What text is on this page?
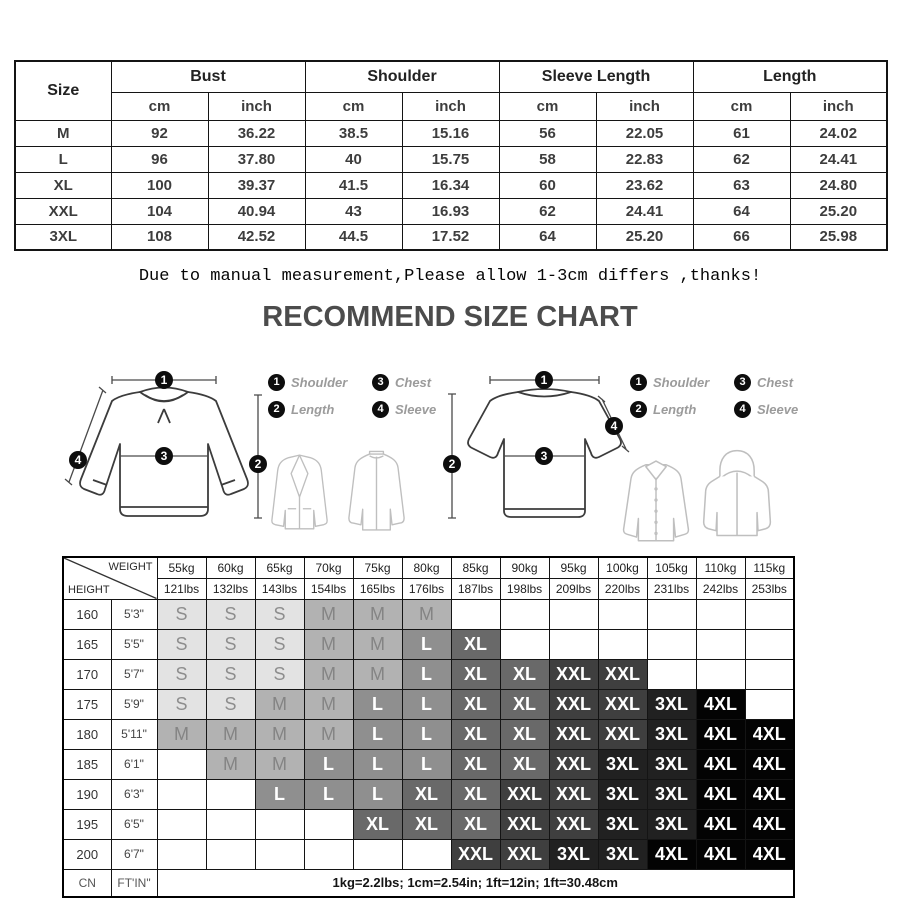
Size	Bust		Shoulder		Sleeve Length		Length	
	cm	inch	cm	inch	cm	inch	cm	inch
M	92	36.22	38.5	15.16	56	22.05	61	24.02
L	96	37.80	40	15.75	58	22.83	62	24.41
XL	100	39.37	41.5	16.34	60	23.62	63	24.80
XXL	104	40.94	43	16.93	62	24.41	64	25.20
3XL	108	42.52	44.5	17.52	64	25.20	66	25.98

Due to manual measurement,Please allow 1-3cm differs ,thanks!

RECOMMEND SIZE CHART
1
3
4	2
1 Shoulder	3 Chest
2 Length	4 Sleeve
1
3
4
2
1 Shoulder	3 Chest
2 Length	4 Sleeve
WEIGHT
HEIGHT		55kg	60kg	65kg	70kg	75kg	80kg	85kg	90kg	95kg	100kg	105kg	110kg	115kg
		121lbs	132lbs	143lbs	154lbs	165lbs	176lbs	187lbs	198lbs	209lbs	220lbs	231lbs	242lbs	253lbs
160	5'3"	S	S	S	M	M	M							
165	5'5"	S	S	S	M	M	L	XL						
170	5'7"	S	S	S	M	M	L	XL	XL	XXL	XXL			
175	5'9"	S	S	M	M	L	L	XL	XL	XXL	XXL	3XL	4XL	
180	5'11"	M	M	M	M	L	L	XL	XL	XXL	XXL	3XL	4XL	4XL
185	6'1"		M	M	L	L	L	XL	XL	XXL	3XL	3XL	4XL	4XL
190	6'3"			L	L	L	XL	XL	XXL	XXL	3XL	3XL	4XL	4XL
195	6'5"					XL	XL	XL	XXL	XXL	3XL	3XL	4XL	4XL
200	6'7"							XXL	XXL	3XL	3XL	4XL	4XL	4XL
CN	FT'IN"	1kg=2.2lbs; 1cm=2.54in; 1ft=12in; 1ft=30.48cm												
